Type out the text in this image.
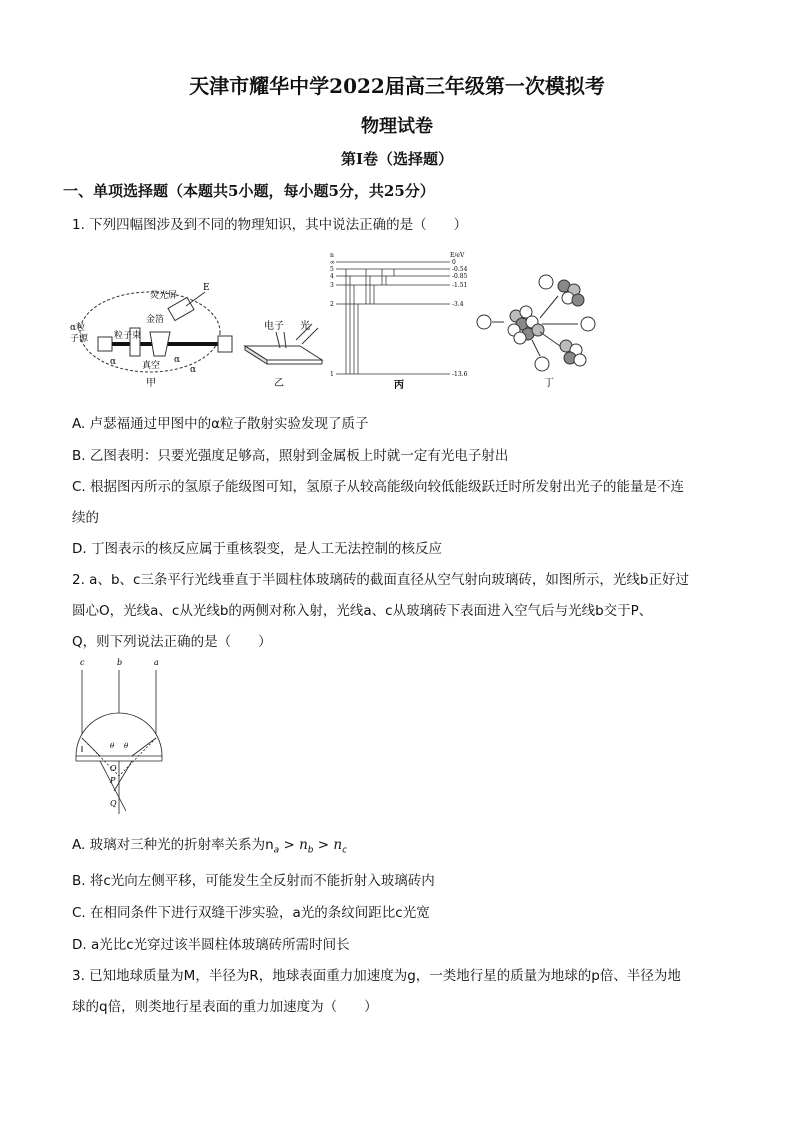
天津市耀华中学2022届高三年级第一次模拟考
物理试卷
第Ⅰ卷（选择题）
一、单项选择题（本题共5小题，每小题5分，共25分）
1. 下列四幅图涉及到不同的物理知识，其中说法正确的是（　　）
荧光屏
金箔
α粒
子源	粒子束
真空
甲
α
α
α
E
电子 光
乙
n	E/eV
∞	0
5	-0.54
4	-0.85
3	-1.51
2	-3.4
1	-13.6
丙	丁
A. 卢瑟福通过甲图中的α粒子散射实验发现了质子
B. 乙图表明：只要光强度足够高，照射到金属板上时就一定有光电子射出
C. 根据图丙所示的氢原子能级图可知，氢原子从较高能级向较低能级跃迁时所发射出光子的能量是不连
续的
D. 丁图表示的核反应属于重核裂变，是人工无法控制的核反应
2. a、b、c三条平行光线垂直于半圆柱体玻璃砖的截面直径从空气射向玻璃砖，如图所示，光线b正好过
圆心O，光线a、c从光线b的两侧对称入射，光线a、c从玻璃砖下表面进入空气后与光线b交于P、
Q，则下列说法正确的是（　　）
c	b	a
θ θ
O
P
Q
A. 玻璃对三种光的折射率关系为$n_a > n_b > n_c$
B. 将c光向左侧平移，可能发生全反射而不能折射入玻璃砖内
C. 在相同条件下进行双缝干涉实验，a光的条纹间距比c光宽
D. a光比c光穿过该半圆柱体玻璃砖所需时间长
3. 已知地球质量为M，半径为R，地球表面重力加速度为g，一类地行星的质量为地球的p倍、半径为地
球的q倍，则类地行星表面的重力加速度为（　　）
